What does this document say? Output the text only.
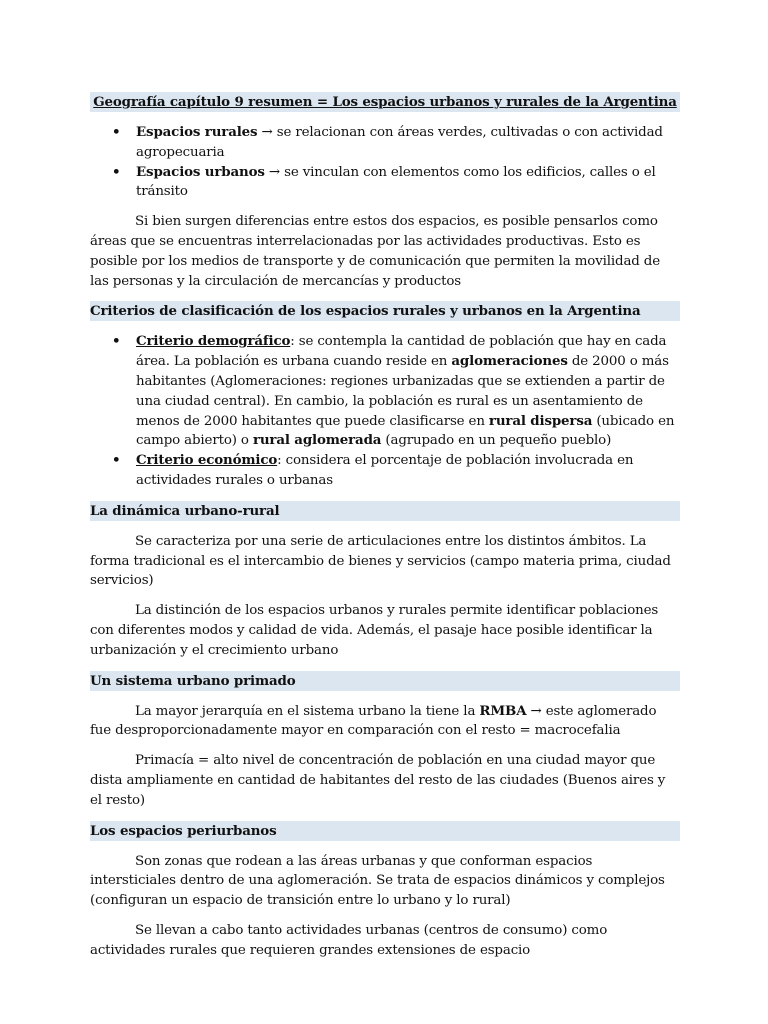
Geografía capítulo 9 resumen = Los espacios urbanos y rurales de la Argentina
• Espacios rurales → se relacionan con áreas verdes, cultivadas o con actividad agropecuaria
• Espacios urbanos → se vinculan con elementos como los edificios, calles o el tránsito

Si bien surgen diferencias entre estos dos espacios, es posible pensarlos como áreas que se encuentras interrelacionadas por las actividades productivas. Esto es posible por los medios de transporte y de comunicación que permiten la movilidad de las personas y la circulación de mercancías y productos

Criterios de clasificación de los espacios rurales y urbanos en la Argentina
• Criterio demográfico: se contempla la cantidad de población que hay en cada área. La población es urbana cuando reside en aglomeraciones de 2000 o más habitantes (Aglomeraciones: regiones urbanizadas que se extienden a partir de una ciudad central). En cambio, la población es rural es un asentamiento de menos de 2000 habitantes que puede clasificarse en rural dispersa (ubicado en campo abierto) o rural aglomerada (agrupado en un pequeño pueblo)
• Criterio económico: considera el porcentaje de población involucrada en actividades rurales o urbanas
La dinámica urbano-rural

Se caracteriza por una serie de articulaciones entre los distintos ámbitos. La forma tradicional es el intercambio de bienes y servicios (campo materia prima, ciudad servicios)

La distinción de los espacios urbanos y rurales permite identificar poblaciones con diferentes modos y calidad de vida. Además, el pasaje hace posible identificar la urbanización y el crecimiento urbano

Un sistema urbano primado

La mayor jerarquía en el sistema urbano la tiene la RMBA → este aglomerado fue desproporcionadamente mayor en comparación con el resto = macrocefalia

Primacía = alto nivel de concentración de población en una ciudad mayor que dista ampliamente en cantidad de habitantes del resto de las ciudades (Buenos aires y el resto)

Los espacios periurbanos

Son zonas que rodean a las áreas urbanas y que conforman espacios intersticiales dentro de una aglomeración. Se trata de espacios dinámicos y complejos (configuran un espacio de transición entre lo urbano y lo rural)

Se llevan a cabo tanto actividades urbanas (centros de consumo) como actividades rurales que requieren grandes extensiones de espacio
